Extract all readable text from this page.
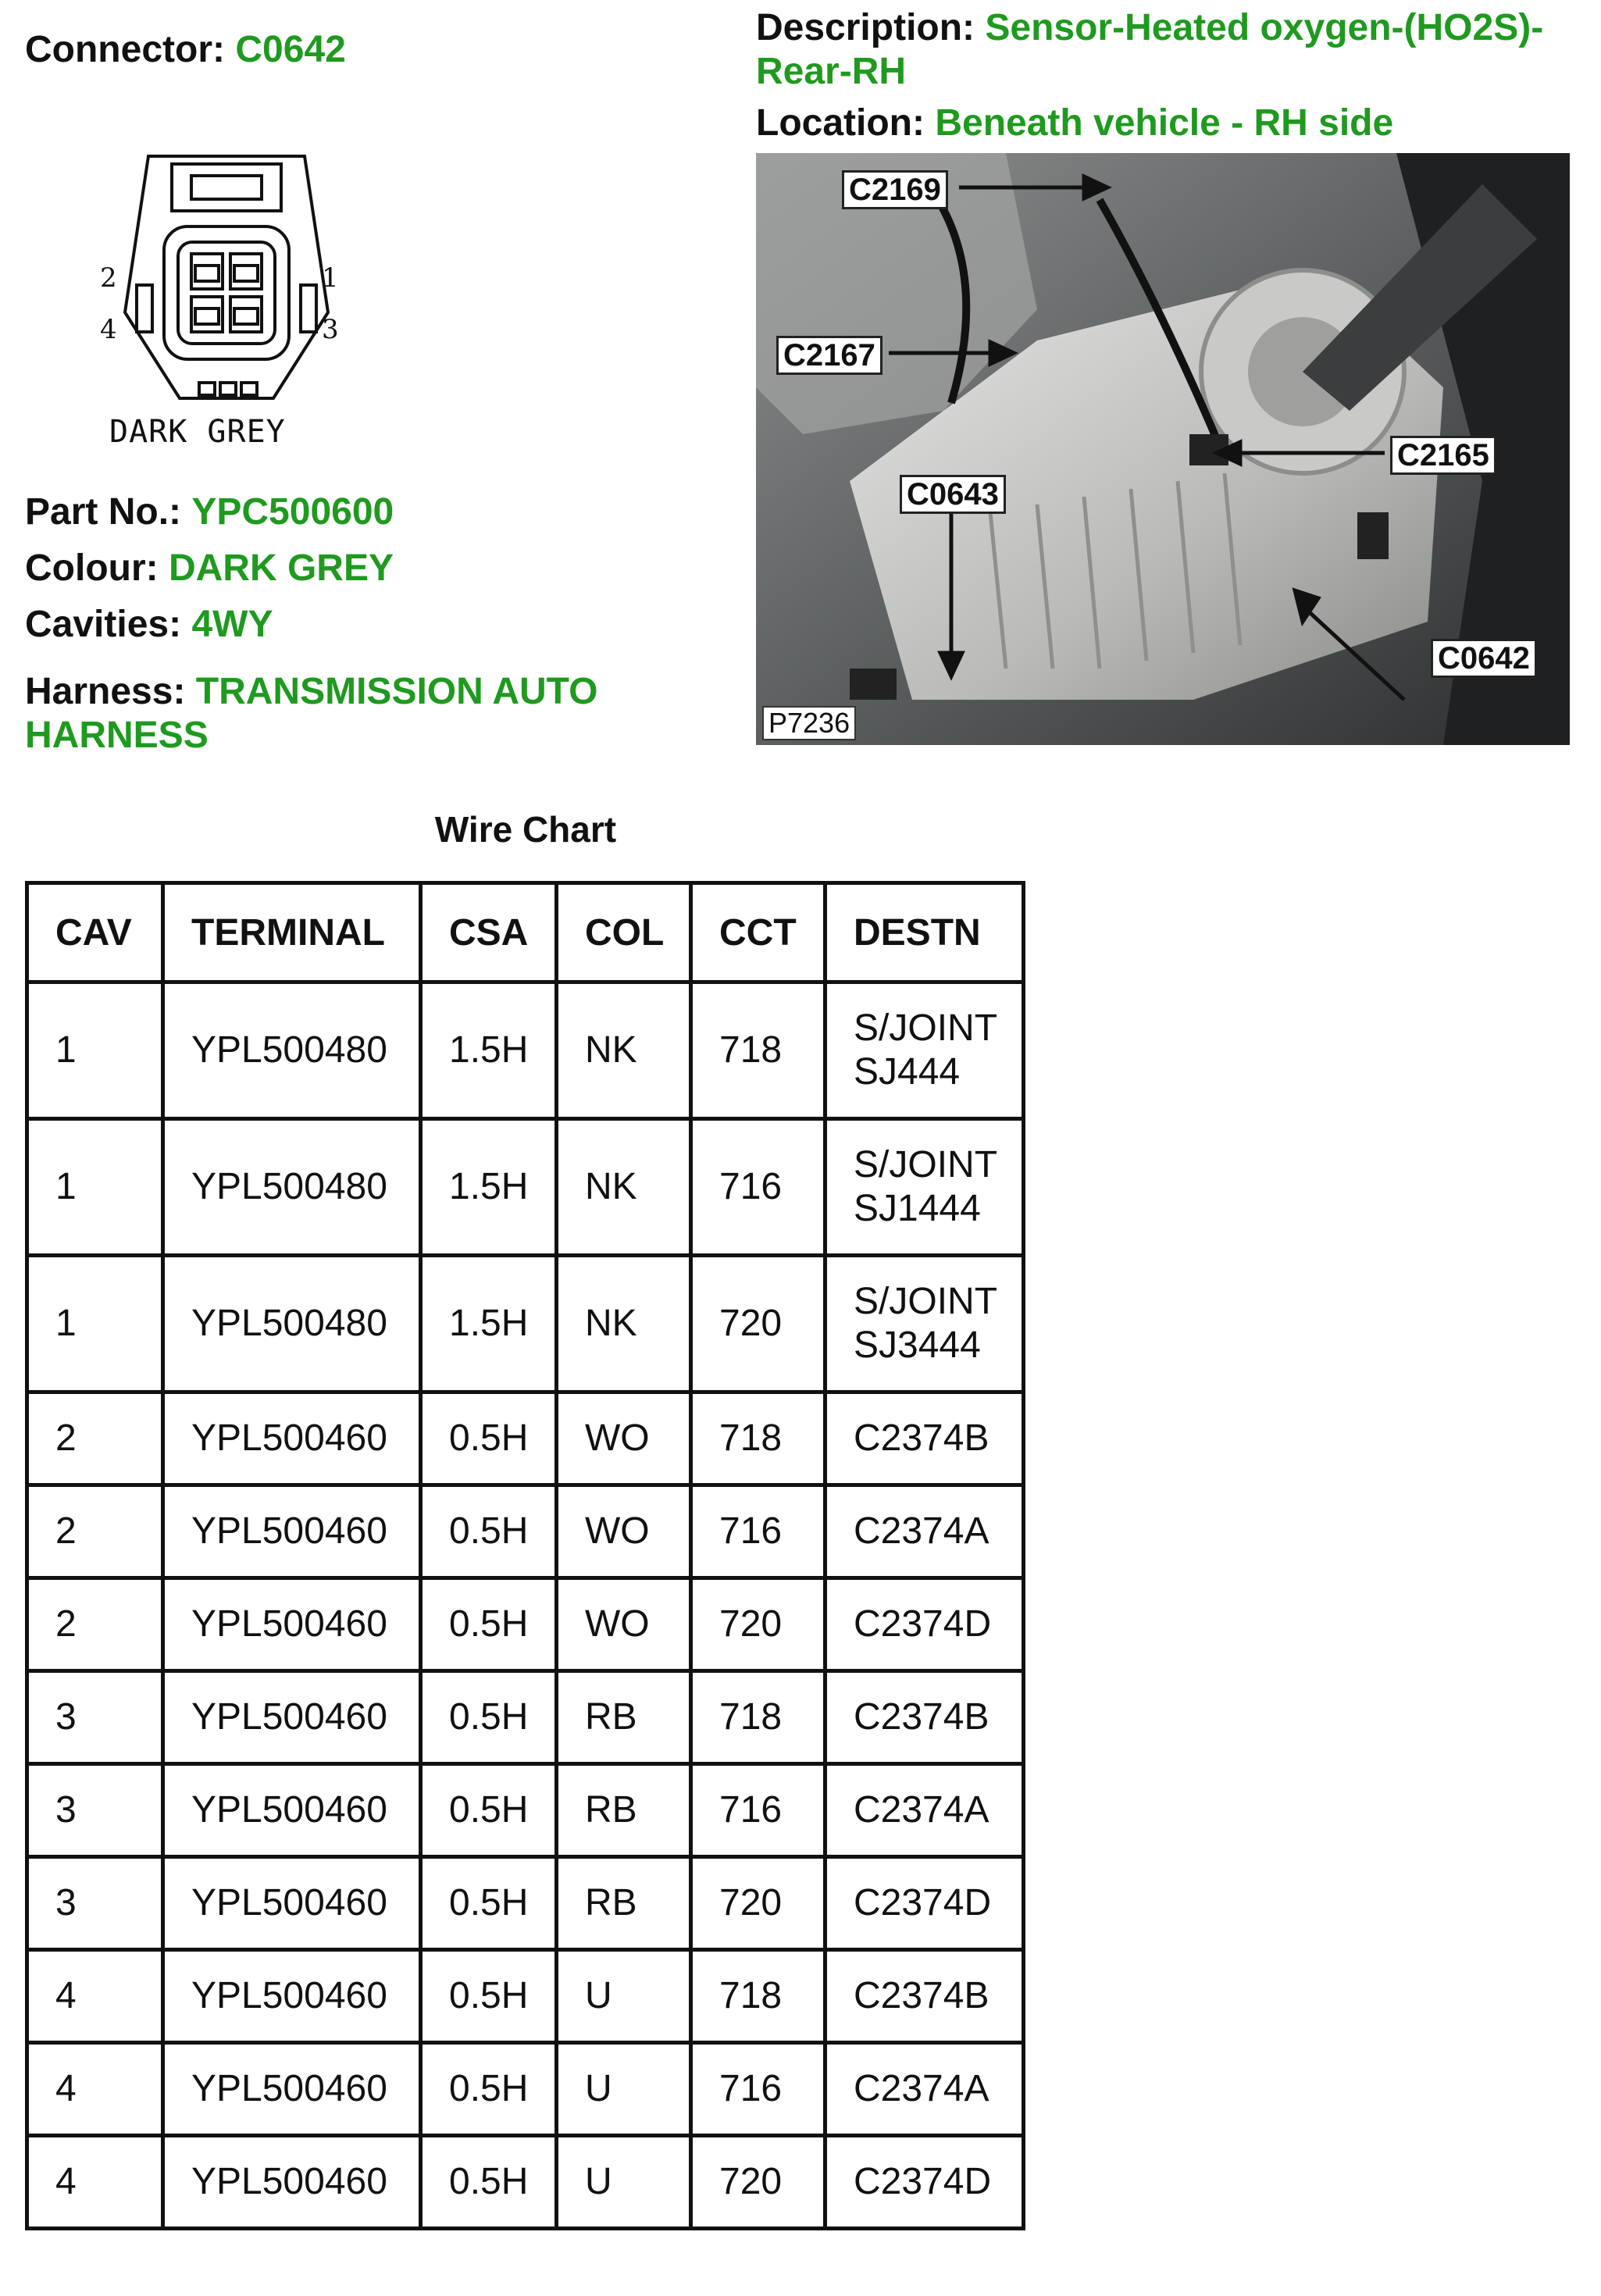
Connector: C0642
Description: Sensor-Heated oxygen-(HO2S)-
Rear-RH
Location: Beneath vehicle - RH side
2	1
4	3
DARK GREY
Part No.: YPC500600
Colour: DARK GREY
Cavities: 4WY
Harness: TRANSMISSION AUTO
HARNESS
C2169
C2167
C2165
C0643
C0642
P7236
Wire Chart
CAV	TERMINAL	CSA	COL	CCT	DESTN
1	YPL500480	1.5H	NK	718	S/JOINT
SJ444
1	YPL500480	1.5H	NK	716	S/JOINT
SJ1444
1	YPL500480	1.5H	NK	720	S/JOINT
SJ3444
2	YPL500460	0.5H	WO	718	C2374B
2	YPL500460	0.5H	WO	716	C2374A
2	YPL500460	0.5H	WO	720	C2374D
3	YPL500460	0.5H	RB	718	C2374B
3	YPL500460	0.5H	RB	716	C2374A
3	YPL500460	0.5H	RB	720	C2374D
4	YPL500460	0.5H	U	718	C2374B
4	YPL500460	0.5H	U	716	C2374A
4	YPL500460	0.5H	U	720	C2374D
